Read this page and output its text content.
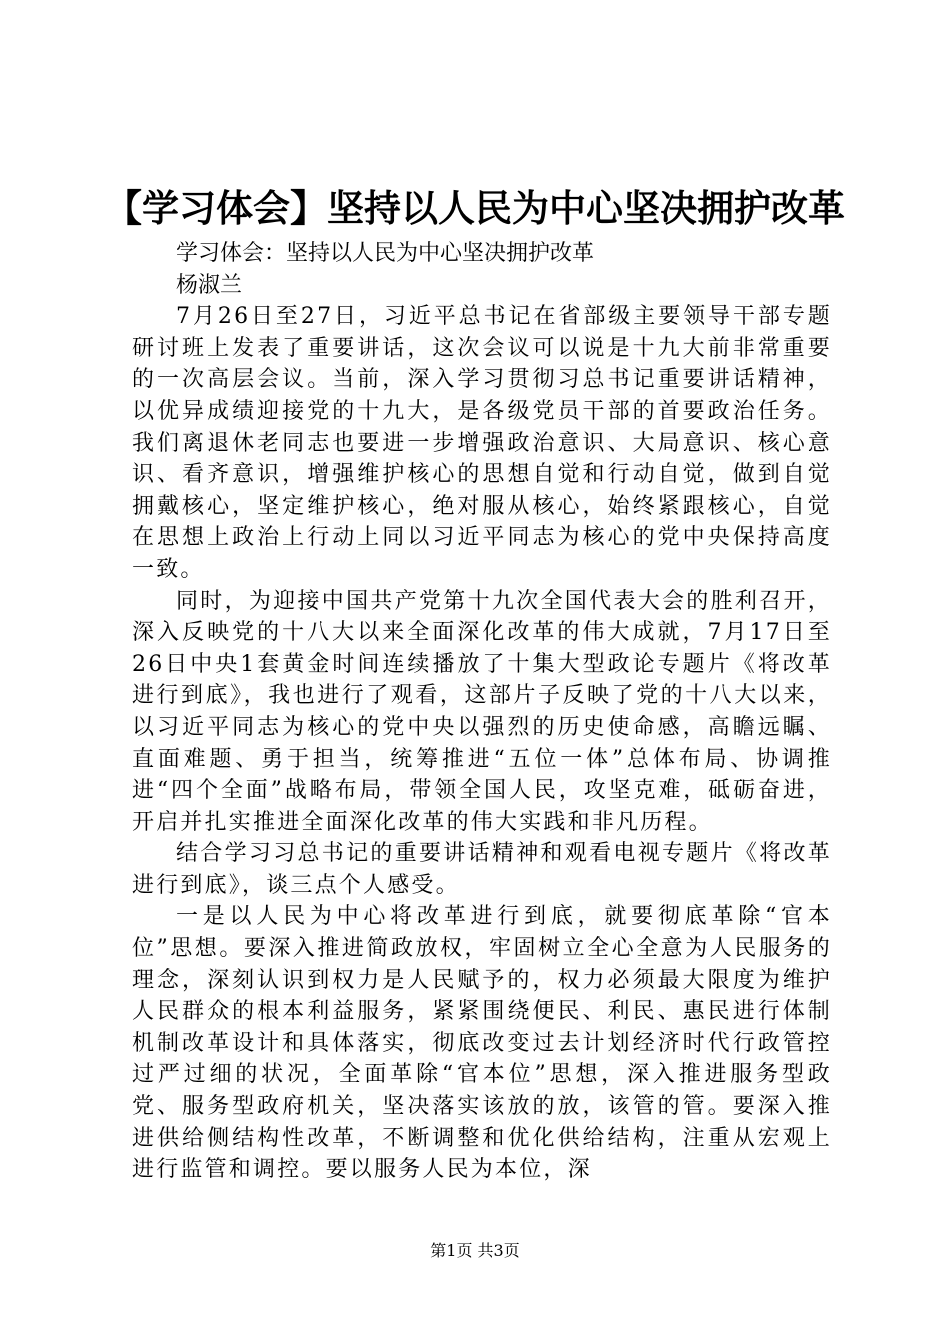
【学习体会】坚持以人民为中心坚决拥护改革
学习体会：坚持以人民为中心坚决拥护改革
杨淑兰

7月26日至27日，习近平总书记在省部级主要领导干部专题研讨班上发表了重要讲话，这次会议可以说是十九大前非常重要的一次高层会议。当前，深入学习贯彻习总书记重要讲话精神，以优异成绩迎接党的十九大，是各级党员干部的首要政治任务。我们离退休老同志也要进一步增强政治意识、大局意识、核心意识、看齐意识，增强维护核心的思想自觉和行动自觉，做到自觉拥戴核心，坚定维护核心，绝对服从核心，始终紧跟核心，自觉在思想上政治上行动上同以习近平同志为核心的党中央保持高度一致。

同时，为迎接中国共产党第十九次全国代表大会的胜利召开，深入反映党的十八大以来全面深化改革的伟大成就，7月17日至26日中央1套黄金时间连续播放了十集大型政论专题片《将改革进行到底》，我也进行了观看，这部片子反映了党的十八大以来，以习近平同志为核心的党中央以强烈的历史使命感，高瞻远瞩、直面难题、勇于担当，统筹推进“五位一体”总体布局、协调推进“四个全面”战略布局，带领全国人民，攻坚克难，砥砺奋进，开启并扎实推进全面深化改革的伟大实践和非凡历程。

结合学习习总书记的重要讲话精神和观看电视专题片《将改革进行到底》，谈三点个人感受。

一是以人民为中心将改革进行到底，就要彻底革除“官本位”思想。要深入推进简政放权，牢固树立全心全意为人民服务的理念，深刻认识到权力是人民赋予的，权力必须最大限度为维护人民群众的根本利益服务，紧紧围绕便民、利民、惠民进行体制机制改革设计和具体落实，彻底改变过去计划经济时代行政管控过严过细的状况，全面革除“官本位”思想，深入推进服务型政党、服务型政府机关，坚决落实该放的放，该管的管。要深入推进供给侧结构性改革，不断调整和优化供给结构，注重从宏观上进行监管和调控。要以服务人民为本位，深

第1页 共3页
